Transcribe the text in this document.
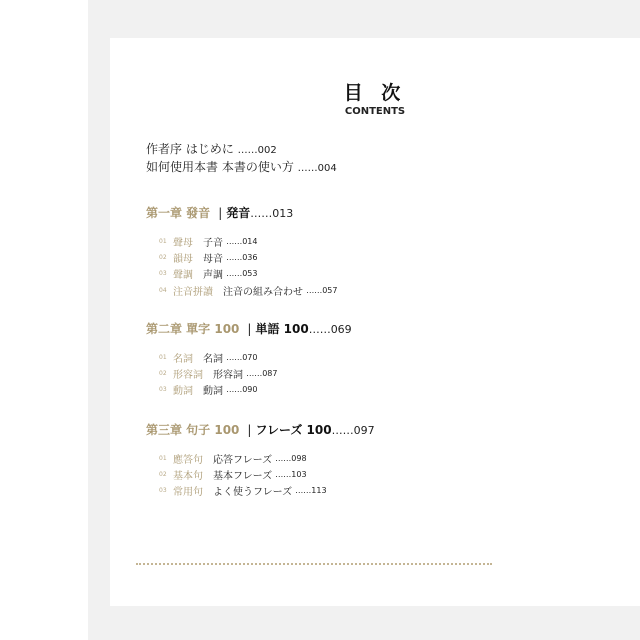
目 次
CONTENTS
作者序 はじめに ……002
如何使用本書 本書の使い方 ……004
第一章 發音 | 発音……013
01 聲母 子音 ……014
02 韻母 母音 ……036
03 聲調 声調 ……053
04 注音拼讀 注音の組み合わせ ……057
第二章 單字 100 | 単語 100……069
01 名詞 名詞 ……070
02 形容詞 形容詞 ……087
03 動詞 動詞 ……090
第三章 句子 100 | フレーズ 100……097
01 應答句 応答フレーズ ……098
02 基本句 基本フレーズ ……103
03 常用句 よく使うフレーズ ……113
